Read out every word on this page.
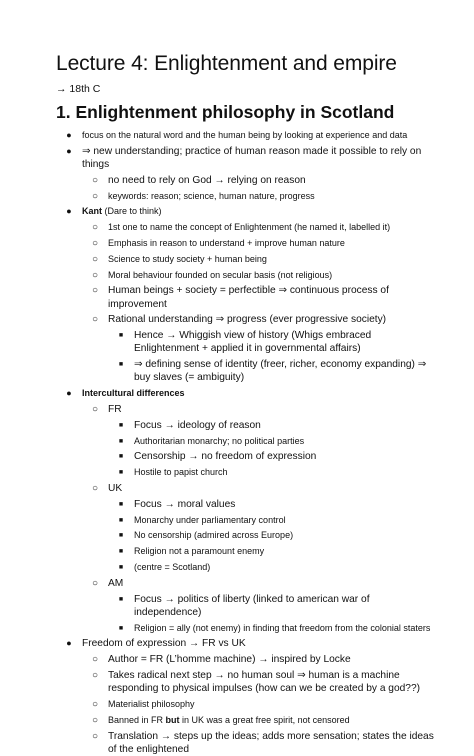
Lecture 4: Enlightenment and empire
→ 18th C
1. Enlightenment philosophy in Scotland
● focus on the natural word and the human being by looking at experience and data
● ⇒ new understanding; practice of human reason made it possible to rely on things
○ no need to rely on God → relying on reason
○ keywords: reason; science, human nature, progress
● Kant (Dare to think)
○ 1st one to name the concept of Enlightenment (he named it, labelled it)
○ Emphasis in reason to understand + improve human nature
○ Science to study society + human being
○ Moral behaviour founded on secular basis (not religious)
○ Human beings + society = perfectible ⇒ continuous process of improvement
○ Rational understanding ⇒ progress (ever progressive society)
■ Hence → Whiggish view of history (Whigs embraced Enlightenment + applied it in governmental affairs)
■ ⇒ defining sense of identity (freer, richer, economy expanding) ⇒ buy slaves (= ambiguity)
● Intercultural differences
○ FR
■ Focus → ideology of reason
■	Authoritarian monarchy; no political parties
■ Censorship → no freedom of expression
■	Hostile to papist church
○ UK
■ Focus → moral values
■	Monarchy under parliamentary control
■	No censorship (admired across Europe)
■	Religion not a paramount enemy
■	(centre = Scotland)
○ AM
■ Focus → politics of liberty (linked to american war of independence)
■	Religion = ally (not enemy) in finding that freedom from the colonial staters
● Freedom of expression → FR vs UK
○ Author = FR (L’homme machine) → inspired by Locke
○ Takes radical next step → no human soul ⇒ human is a machine responding to physical impulses (how can we be created by a god??)
○ Materialist philosophy
○ Banned in FR but in UK was a great free spirit, not censored
○ Translation → steps up the ideas; adds more sensation; states the ideas of the enlightened
